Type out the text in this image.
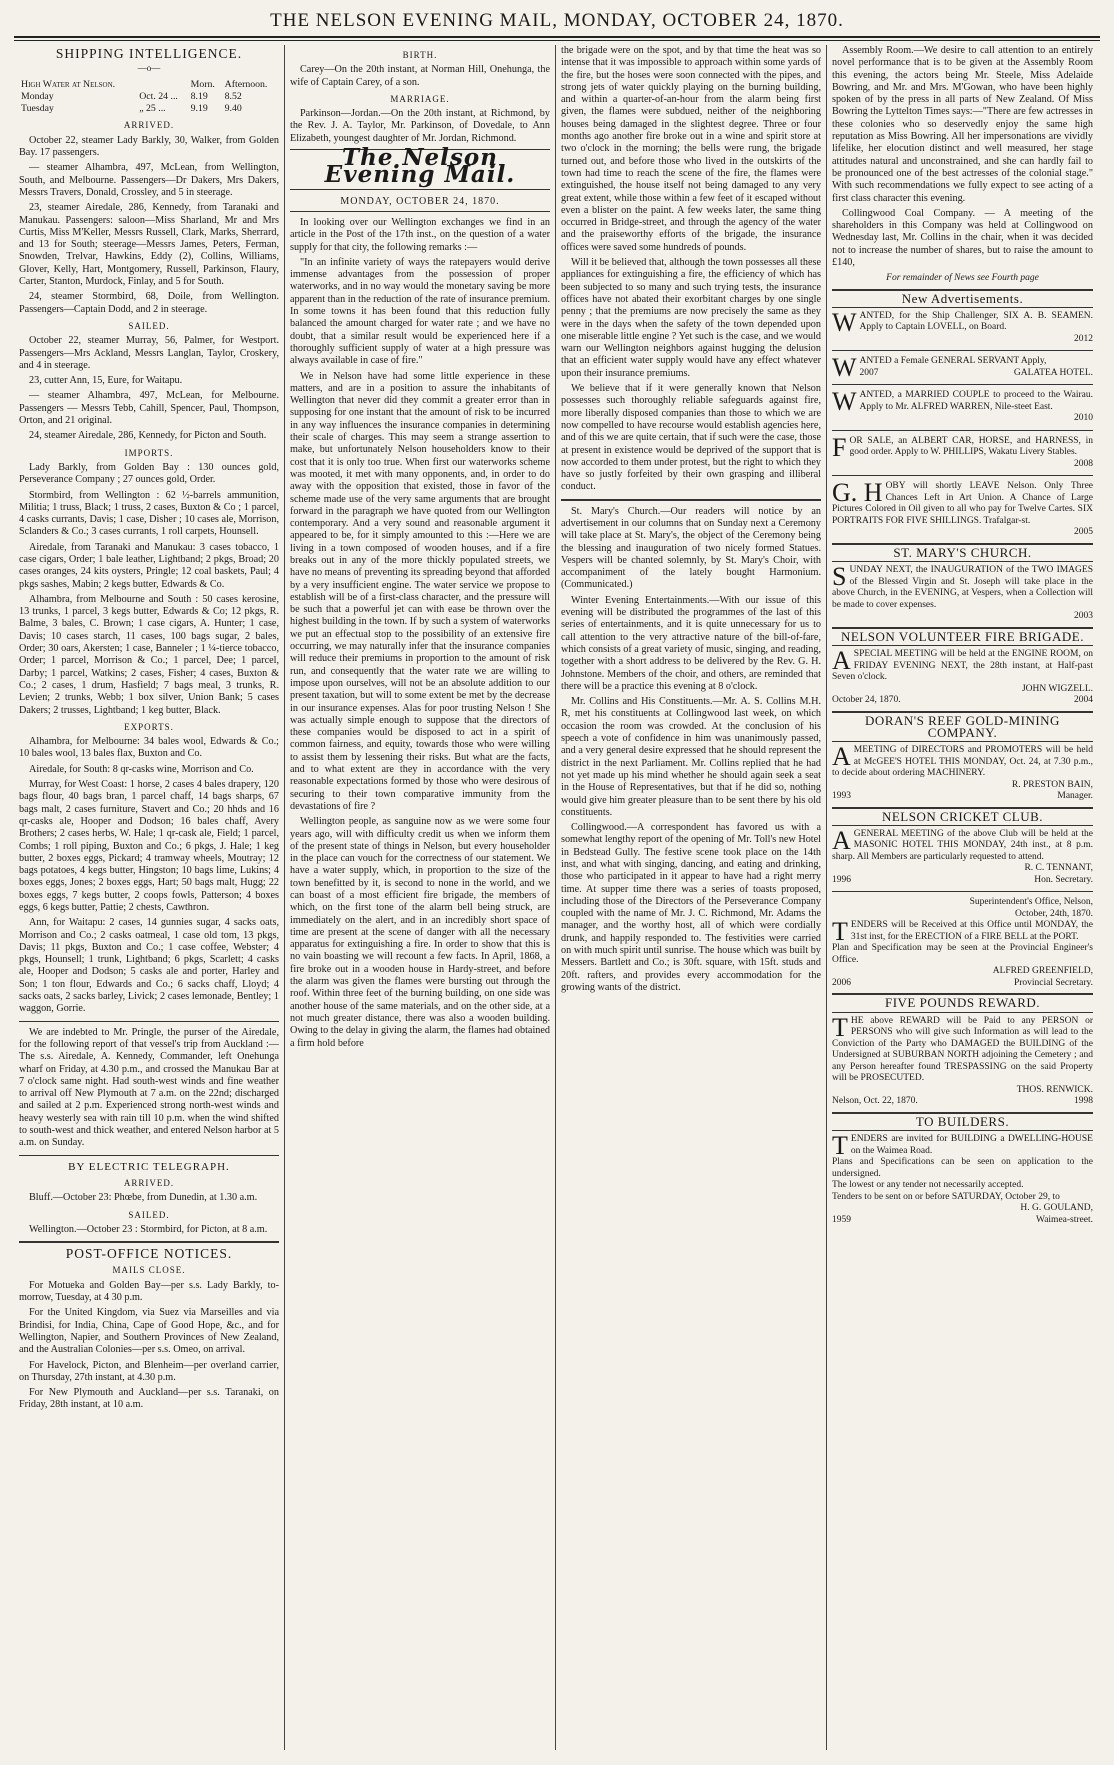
THE NELSON EVENING MAIL, MONDAY, OCTOBER 24, 1870.
SHIPPING INTELLIGENCE.
—o—
High Water at Nelson.		Morn.	Afternoon.
Monday	Oct. 24 ...	8.19	8.52
Tuesday	„ 25 ...	9.19	9.40
ARRIVED.

October 22, steamer Lady Barkly, 30, Walker, from Golden Bay. 17 passengers.

— steamer Alhambra, 497, McLean, from Wellington, South, and Melbourne. Passengers—Dr Dakers, Mrs Dakers, Messrs Travers, Donald, Crossley, and 5 in steerage.

23, steamer Airedale, 286, Kennedy, from Taranaki and Manukau. Passengers: saloon—Miss Sharland, Mr and Mrs Curtis, Miss M'Keller, Messrs Russell, Clark, Marks, Sherrard, and 13 for South; steerage—Messrs James, Peters, Ferman, Snowden, Trelvar, Hawkins, Eddy (2), Collins, Williams, Glover, Kelly, Hart, Montgomery, Russell, Parkinson, Flaury, Carter, Stanton, Murdock, Finlay, and 5 for South.

24, steamer Stormbird, 68, Doile, from Wellington. Passengers—Captain Dodd, and 2 in steerage.

SAILED.

October 22, steamer Murray, 56, Palmer, for Westport. Passengers—Mrs Ackland, Messrs Langlan, Taylor, Croskery, and 4 in steerage.

23, cutter Ann, 15, Eure, for Waitapu.

— steamer Alhambra, 497, McLean, for Melbourne. Passengers — Messrs Tebb, Cahill, Spencer, Paul, Thompson, Orton, and 21 original.

24, steamer Airedale, 286, Kennedy, for Picton and South.

IMPORTS.

Lady Barkly, from Golden Bay : 130 ounces gold, Perseverance Company ; 27 ounces gold, Order.

Stormbird, from Wellington : 62 ½-barrels ammunition, Militia; 1 truss, Black; 1 truss, 2 cases, Buxton & Co ; 1 parcel, 4 casks currants, Davis; 1 case, Disher ; 10 cases ale, Morrison, Sclanders & Co.; 3 cases currants, 1 roll carpets, Hounsell.

Airedale, from Taranaki and Manukau: 3 cases tobacco, 1 case cigars, Order; 1 bale leather, Lightband; 2 pkgs, Broad; 20 cases oranges, 24 kits oysters, Pringle; 12 coal baskets, Paul; 4 pkgs sashes, Mabin; 2 kegs butter, Edwards & Co.

Alhambra, from Melbourne and South : 50 cases kerosine, 13 trunks, 1 parcel, 3 kegs butter, Edwards & Co; 12 pkgs, R. Balme, 3 bales, C. Brown; 1 case cigars, A. Hunter; 1 case, Davis; 10 cases starch, 11 cases, 100 bags sugar, 2 bales, Order; 30 oars, Akersten; 1 case, Banneler ; 1 ¼-tierce tobacco, Order; 1 parcel, Morrison & Co.; 1 parcel, Dee; 1 parcel, Darby; 1 parcel, Watkins; 2 cases, Fisher; 4 cases, Buxton & Co.; 2 cases, 1 drum, Hasfield; 7 bags meal, 3 trunks, R. Levien; 2 trunks, Webb; 1 box silver, Union Bank; 5 cases Dakers; 2 trusses, Lightband; 1 keg butter, Black.

EXPORTS.

Alhambra, for Melbourne: 34 bales wool, Edwards & Co.; 10 bales wool, 13 bales flax, Buxton and Co.

Airedale, for South: 8 qr-casks wine, Morrison and Co.

Murray, for West Coast: 1 horse, 2 cases 4 bales drapery, 120 bags flour, 40 bags bran, 1 parcel chaff, 14 bags sharps, 67 bags malt, 2 cases furniture, Stavert and Co.; 20 hhds and 16 qr-casks ale, Hooper and Dodson; 16 bales chaff, Avery Brothers; 2 cases herbs, W. Hale; 1 qr-cask ale, Field; 1 parcel, Combs; 1 roll piping, Buxton and Co.; 6 pkgs, J. Hale; 1 keg butter, 2 boxes eggs, Pickard; 4 tramway wheels, Moutray; 12 bags potatoes, 4 kegs butter, Hingston; 10 bags lime, Lukins; 4 boxes eggs, Jones; 2 boxes eggs, Hart; 50 bags malt, Hugg; 22 boxes eggs, 7 kegs butter, 2 coops fowls, Patterson; 4 boxes eggs, 6 kegs butter, Pattie; 2 chests, Cawthron.

Ann, for Waitapu: 2 cases, 14 gunnies sugar, 4 sacks oats, Morrison and Co.; 2 casks oatmeal, 1 case old tom, 13 pkgs, Davis; 11 pkgs, Buxton and Co.; 1 case coffee, Webster; 4 pkgs, Hounsell; 1 trunk, Lightband; 6 pkgs, Scarlett; 4 casks ale, Hooper and Dodson; 5 casks ale and porter, Harley and Son; 1 ton flour, Edwards and Co.; 6 sacks chaff, Lloyd; 4 sacks oats, 2 sacks barley, Livick; 2 cases lemonade, Bentley; 1 waggon, Gorrie.

We are indebted to Mr. Pringle, the purser of the Airedale, for the following report of that vessel's trip from Auckland :—The s.s. Airedale, A. Kennedy, Commander, left Onehunga wharf on Friday, at 4.30 p.m., and crossed the Manukau Bar at 7 o'clock same night. Had south-west winds and fine weather to arrival off New Plymouth at 7 a.m. on the 22nd; discharged and sailed at 2 p.m. Experienced strong north-west winds and heavy westerly sea with rain till 10 p.m. when the wind shifted to south-west and thick weather, and entered Nelson harbor at 5 a.m. on Sunday.

BY ELECTRIC TELEGRAPH.
ARRIVED.

Bluff.—October 23: Phœbe, from Dunedin, at 1.30 a.m.

SAILED.

Wellington.—October 23 : Stormbird, for Picton, at 8 a.m.

POST-OFFICE NOTICES.
MAILS CLOSE.

For Motueka and Golden Bay—per s.s. Lady Barkly, to-morrow, Tuesday, at 4 30 p.m.

For the United Kingdom, via Suez via Marseilles and via Brindisi, for India, China, Cape of Good Hope, &c., and for Wellington, Napier, and Southern Provinces of New Zealand, and the Australian Colonies—per s.s. Omeo, on arrival.

For Havelock, Picton, and Blenheim—per overland carrier, on Thursday, 27th instant, at 4.30 p.m.

For New Plymouth and Auckland—per s.s. Taranaki, on Friday, 28th instant, at 10 a.m.

BIRTH.

Carey—On the 20th instant, at Norman Hill, Onehunga, the wife of Captain Carey, of a son.

MARRIAGE.

Parkinson—Jordan.—On the 20th instant, at Richmond, by the Rev. J. A. Taylor, Mr. Parkinson, of Dovedale, to Ann Elizabeth, youngest daughter of Mr. Jordan, Richmond.

The Nelson Evening Mail.
MONDAY, OCTOBER 24, 1870.

In looking over our Wellington exchanges we find in an article in the Post of the 17th inst., on the question of a water supply for that city, the following remarks :—

"In an infinite variety of ways the ratepayers would derive immense advantages from the possession of proper waterworks, and in no way would the monetary saving be more apparent than in the reduction of the rate of insurance premium. In some towns it has been found that this reduction fully balanced the amount charged for water rate ; and we have no doubt, that a similar result would be experienced here if a thoroughly sufficient supply of water at a high pressure was always available in case of fire."

We in Nelson have had some little experience in these matters, and are in a position to assure the inhabitants of Wellington that never did they commit a greater error than in supposing for one instant that the amount of risk to be incurred in any way influences the insurance companies in determining their scale of charges. This may seem a strange assertion to make, but unfortunately Nelson householders know to their cost that it is only too true. When first our waterworks scheme was mooted, it met with many opponents, and, in order to do away with the opposition that existed, those in favor of the scheme made use of the very same arguments that are brought forward in the paragraph we have quoted from our Wellington contemporary. And a very sound and reasonable argument it appeared to be, for it simply amounted to this :—Here we are living in a town composed of wooden houses, and if a fire breaks out in any of the more thickly populated streets, we have no means of preventing its spreading beyond that afforded by a very insufficient engine. The water service we propose to establish will be of a first-class character, and the pressure will be such that a powerful jet can with ease be thrown over the highest building in the town. If by such a system of waterworks we put an effectual stop to the possibility of an extensive fire occurring, we may naturally infer that the insurance companies will reduce their premiums in proportion to the amount of risk run, and consequently that the water rate we are willing to impose upon ourselves, will not be an absolute addition to our present taxation, but will to some extent be met by the decrease in our insurance expenses. Alas for poor trusting Nelson ! She was actually simple enough to suppose that the directors of these companies would be disposed to act in a spirit of common fairness, and equity, towards those who were willing to assist them by lessening their risks. But what are the facts, and to what extent are they in accordance with the very reasonable expectations formed by those who were desirous of securing to their town comparative immunity from the devastations of fire ?

Wellington people, as sanguine now as we were some four years ago, will with difficulty credit us when we inform them of the present state of things in Nelson, but every householder in the place can vouch for the correctness of our statement. We have a water supply, which, in proportion to the size of the town benefitted by it, is second to none in the world, and we can boast of a most efficient fire brigade, the members of which, on the first tone of the alarm bell being struck, are immediately on the alert, and in an incredibly short space of time are present at the scene of danger with all the necessary apparatus for extinguishing a fire. In order to show that this is no vain boasting we will recount a few facts. In April, 1868, a fire broke out in a wooden house in Hardy-street, and before the alarm was given the flames were bursting out through the roof. Within three feet of the burning building, on one side was another house of the same materials, and on the other side, at a not much greater distance, there was also a wooden building. Owing to the delay in giving the alarm, the flames had obtained a firm hold before

the brigade were on the spot, and by that time the heat was so intense that it was impossible to approach within some yards of the fire, but the hoses were soon connected with the pipes, and strong jets of water quickly playing on the burning building, and within a quarter-of-an-hour from the alarm being first given, the flames were subdued, neither of the neighboring houses being damaged in the slightest degree. Three or four months ago another fire broke out in a wine and spirit store at two o'clock in the morning; the bells were rung, the brigade turned out, and before those who lived in the outskirts of the town had time to reach the scene of the fire, the flames were extinguished, the house itself not being damaged to any very great extent, while those within a few feet of it escaped without even a blister on the paint. A few weeks later, the same thing occurred in Bridge-street, and through the agency of the water and the praiseworthy efforts of the brigade, the insurance offices were saved some hundreds of pounds.

Will it be believed that, although the town possesses all these appliances for extinguishing a fire, the efficiency of which has been subjected to so many and such trying tests, the insurance offices have not abated their exorbitant charges by one single penny ; that the premiums are now precisely the same as they were in the days when the safety of the town depended upon one miserable little engine ? Yet such is the case, and we would warn our Wellington neighbors against hugging the delusion that an efficient water supply would have any effect whatever upon their insurance premiums.

We believe that if it were generally known that Nelson possesses such thoroughly reliable safeguards against fire, more liberally disposed companies than those to which we are now compelled to have recourse would establish agencies here, and of this we are quite certain, that if such were the case, those at present in existence would be deprived of the support that is now accorded to them under protest, but the right to which they have so justly forfeited by their own grasping and illiberal conduct.

St. Mary's Church.—Our readers will notice by an advertisement in our columns that on Sunday next a Ceremony will take place at St. Mary's, the object of the Ceremony being the blessing and inauguration of two nicely formed Statues. Vespers will be chanted solemnly, by St. Mary's Choir, with accompaniment of the lately bought Harmonium. (Communicated.)

Winter Evening Entertainments.—With our issue of this evening will be distributed the programmes of the last of this series of entertainments, and it is quite unnecessary for us to call attention to the very attractive nature of the bill-of-fare, which consists of a great variety of music, singing, and reading, together with a short address to be delivered by the Rev. G. H. Johnstone. Members of the choir, and others, are reminded that there will be a practice this evening at 8 o'clock.

Mr. Collins and His Constituents.—Mr. A. S. Collins M.H. R, met his constituents at Collingwood last week, on which occasion the room was crowded. At the conclusion of his speech a vote of confidence in him was unanimously passed, and a very general desire expressed that he should represent the district in the next Parliament. Mr. Collins replied that he had not yet made up his mind whether he should again seek a seat in the House of Representatives, but that if he did so, nothing would give him greater pleasure than to be sent there by his old constituents.

Collingwood.—A correspondent has favored us with a somewhat lengthy report of the opening of Mr. Toll's new Hotel in Bedstead Gully. The festive scene took place on the 14th inst, and what with singing, dancing, and eating and drinking, those who participated in it appear to have had a right merry time. At supper time there was a series of toasts proposed, including those of the Directors of the Perseverance Company coupled with the name of Mr. J. C. Richmond, Mr. Adams the manager, and the worthy host, all of which were cordially drunk, and happily responded to. The festivities were carried on with much spirit until sunrise. The house which was built by Messers. Bartlett and Co.; is 30ft. square, with 15ft. studs and 20ft. rafters, and provides every accommodation for the growing wants of the district.

Assembly Room.—We desire to call attention to an entirely novel performance that is to be given at the Assembly Room this evening, the actors being Mr. Steele, Miss Adelaide Bowring, and Mr. and Mrs. M'Gowan, who have been highly spoken of by the press in all parts of New Zealand. Of Miss Bowring the Lyttelton Times says:—"There are few actresses in these colonies who so deservedly enjoy the same high reputation as Miss Bowring. All her impersonations are vividly lifelike, her elocution distinct and well measured, her stage attitudes natural and unconstrained, and she can hardly fail to be pronounced one of the best actresses of the colonial stage." With such recommendations we fully expect to see acting of a first class character this evening.

Collingwood Coal Company. — A meeting of the shareholders in this Company was held at Collingwood on Wednesday last, Mr. Collins in the chair, when it was decided not to increase the number of shares, but to raise the amount to £140,

For remainder of News see Fourth page
New Advertisements.
WANTED, for the Ship Challenger, SIX A. B. SEAMEN. Apply to Captain LOVELL, on Board.
2012
WANTED a Female GENERAL SERVANT Apply,
2007	GALATEA HOTEL.
WANTED, a MARRIED COUPLE to proceed to the Wairau. Apply to Mr. ALFRED WARREN, Nile-steet East.
2010
FOR SALE, an ALBERT CAR, HORSE, and HARNESS, in good order. Apply to W. PHILLIPS, Wakatu Livery Stables.
2008
G. H OBY will shortly LEAVE Nelson. Only Three Chances Left in Art Union. A Chance of Large Pictures Colored in Oil given to all who pay for Twelve Cartes. SIX PORTRAITS FOR FIVE SHILLINGS. Trafalgar-st.
2005
ST. MARY'S CHURCH.
SUNDAY NEXT, the INAUGURATION of the TWO IMAGES of the Blessed Virgin and St. Joseph will take place in the above Church, in the EVENING, at Vespers, when a Collection will be made to cover expenses.
2003
NELSON VOLUNTEER FIRE BRIGADE.
ASPECIAL MEETING will be held at the ENGINE ROOM, on FRIDAY EVENING NEXT, the 28th instant, at Half-past Seven o'clock.
JOHN WIGZELL.
October 24, 1870.	2004
DORAN'S REEF GOLD-MINING COMPANY.
AMEETING of DIRECTORS and PROMOTERS will be held at McGEE'S HOTEL THIS MONDAY, Oct. 24, at 7.30 p.m., to decide about ordering MACHINERY.
R. PRESTON BAIN,
1993	Manager.
NELSON CRICKET CLUB.
AGENERAL MEETING of the above Club will be held at the MASONIC HOTEL THIS MONDAY, 24th inst., at 8 p.m. sharp. All Members are particularly requested to attend.
R. C. TENNANT,
1996	Hon. Secretary.
Superintendent's Office, Nelson,
October, 24th, 1870.
T ENDERS will be Received at this Office until MONDAY, the 31st inst, for the ERECTION of a FIRE BELL at the PORT.
Plan and Specification may be seen at the Provincial Engineer's Office.
ALFRED GREENFIELD,
2006	Provincial Secretary.
FIVE POUNDS REWARD.
THE above REWARD will be Paid to any PERSON or PERSONS who will give such Information as will lead to the Conviction of the Party who DAMAGED the BUILDING of the Undersigned at SUBURBAN NORTH adjoining the Cemetery ; and any Person hereafter found TRESPASSING on the said Property will be PROSECUTED.
THOS. RENWICK.
Nelson, Oct. 22, 1870.	1998
TO BUILDERS.
TENDERS are invited for BUILDING a DWELLING-HOUSE on the Waimea Road.
Plans and Specifications can be seen on application to the undersigned.
The lowest or any tender not necessarily accepted.
Tenders to be sent on or before SATURDAY, October 29, to
H. G. GOULAND,
1959	Waimea-street.
